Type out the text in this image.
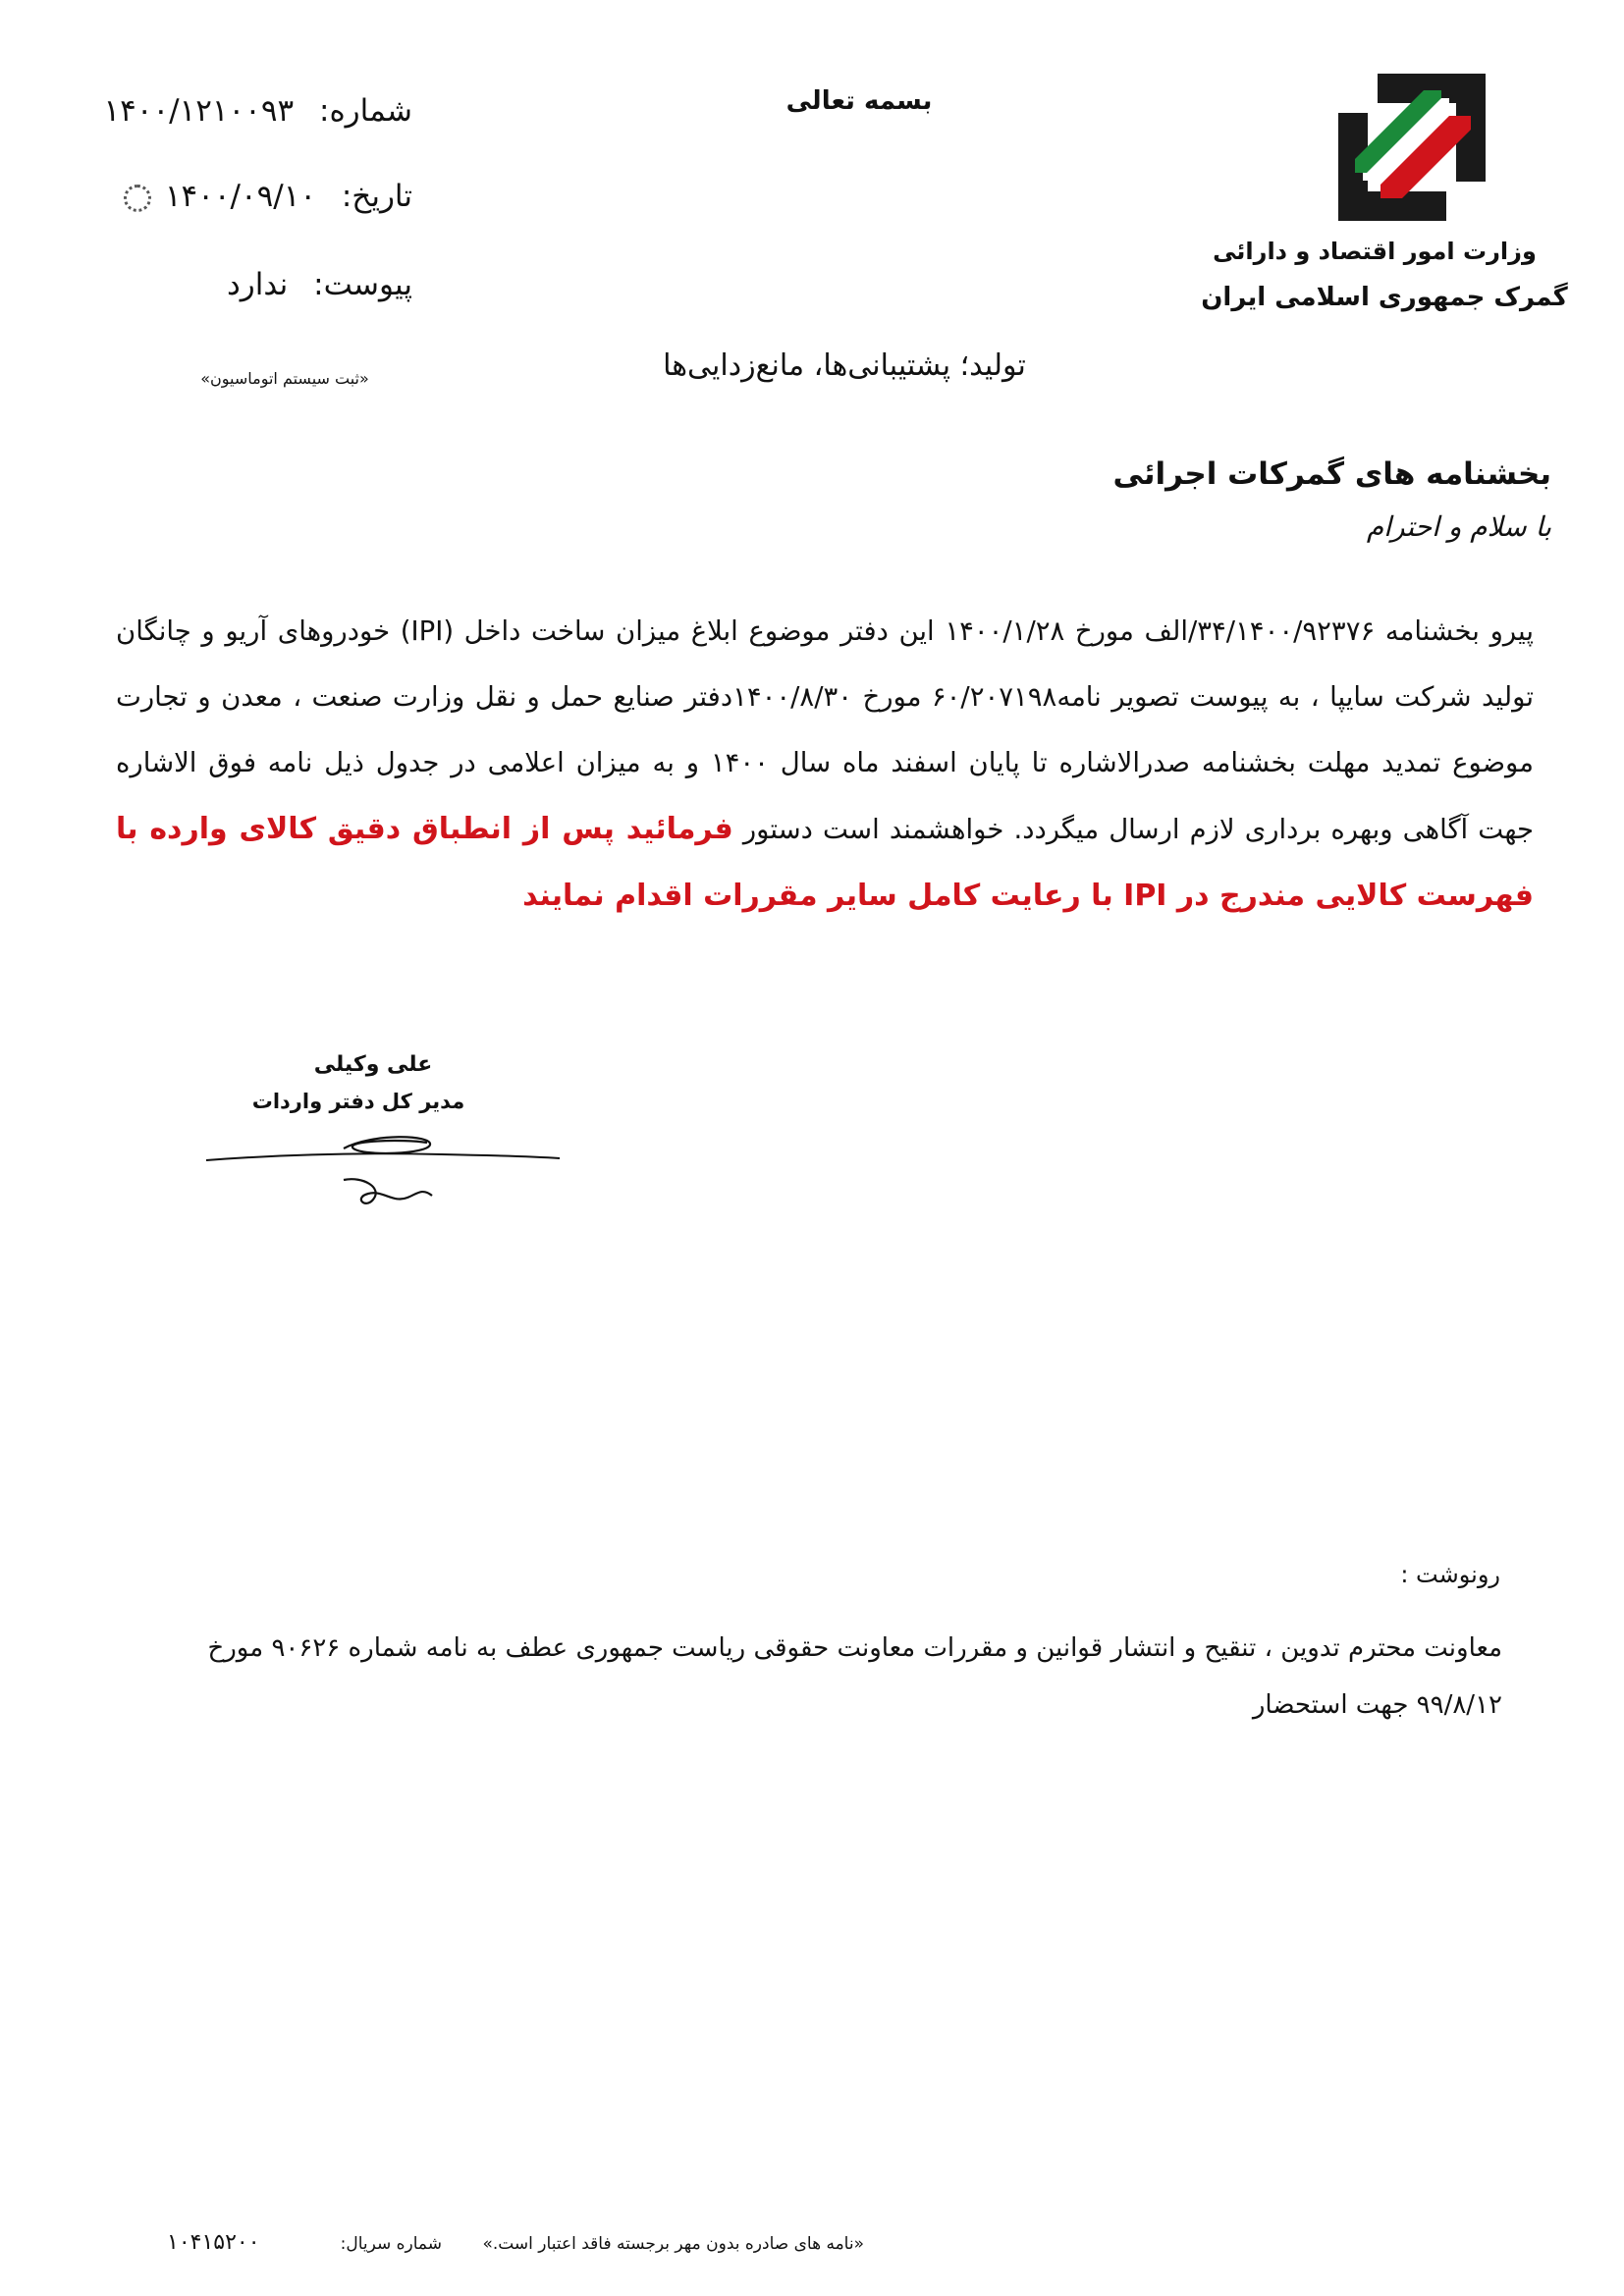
بسمه تعالی
وزارت امور اقتصاد و دارائی
گمرک جمهوری اسلامی ایران
شماره: ۱۴۰۰/۱۲۱۰۰۹۳
تاریخ: ۱۴۰۰/۰۹/۱۰
پیوست: ندارد
«ثبت سیستم اتوماسیون»	تولید؛ پشتیبانی‌ها، مانع‌زدایی‌ها
بخشنامه های گمرکات اجرائی
با سلام و احترام
پیرو بخشنامه ۳۴/۱۴۰۰/۹۲۳۷۶/الف مورخ ۱۴۰۰/۱/۲۸ این دفتر موضوع ابلاغ میزان ساخت داخل (IPI) خودروهای آریو و چانگان تولید شرکت سایپا ، به پیوست تصویر نامه۶۰/۲۰۷۱۹۸ مورخ ۱۴۰۰/۸/۳۰دفتر صنایع حمل و نقل وزارت صنعت ، معدن و تجارت موضوع تمدید مهلت بخشنامه صدرالاشاره تا پایان اسفند ماه سال ۱۴۰۰ و به میزان اعلامی در جدول ذیل نامه فوق الاشاره جهت آگاهی وبهره برداری لازم ارسال میگردد. خواهشمند است دستور فرمائید پس از انطباق دقیق کالای وارده با فهرست کالایی مندرج در IPI با رعایت کامل سایر مقررات اقدام نمایند
علی وکیلی
مدیر کل دفتر واردات
رونوشت :
معاونت محترم تدوین ، تنقیح و انتشار قوانین و مقررات معاونت حقوقی ریاست جمهوری عطف به نامه شماره ۹۰۶۲۶ مورخ ۹۹/۸/۱۲ جهت استحضار
«نامه های صادره بدون مهر برجسته فاقد اعتبار است.»
شماره سریال:
۱۰۴۱۵۲۰۰
